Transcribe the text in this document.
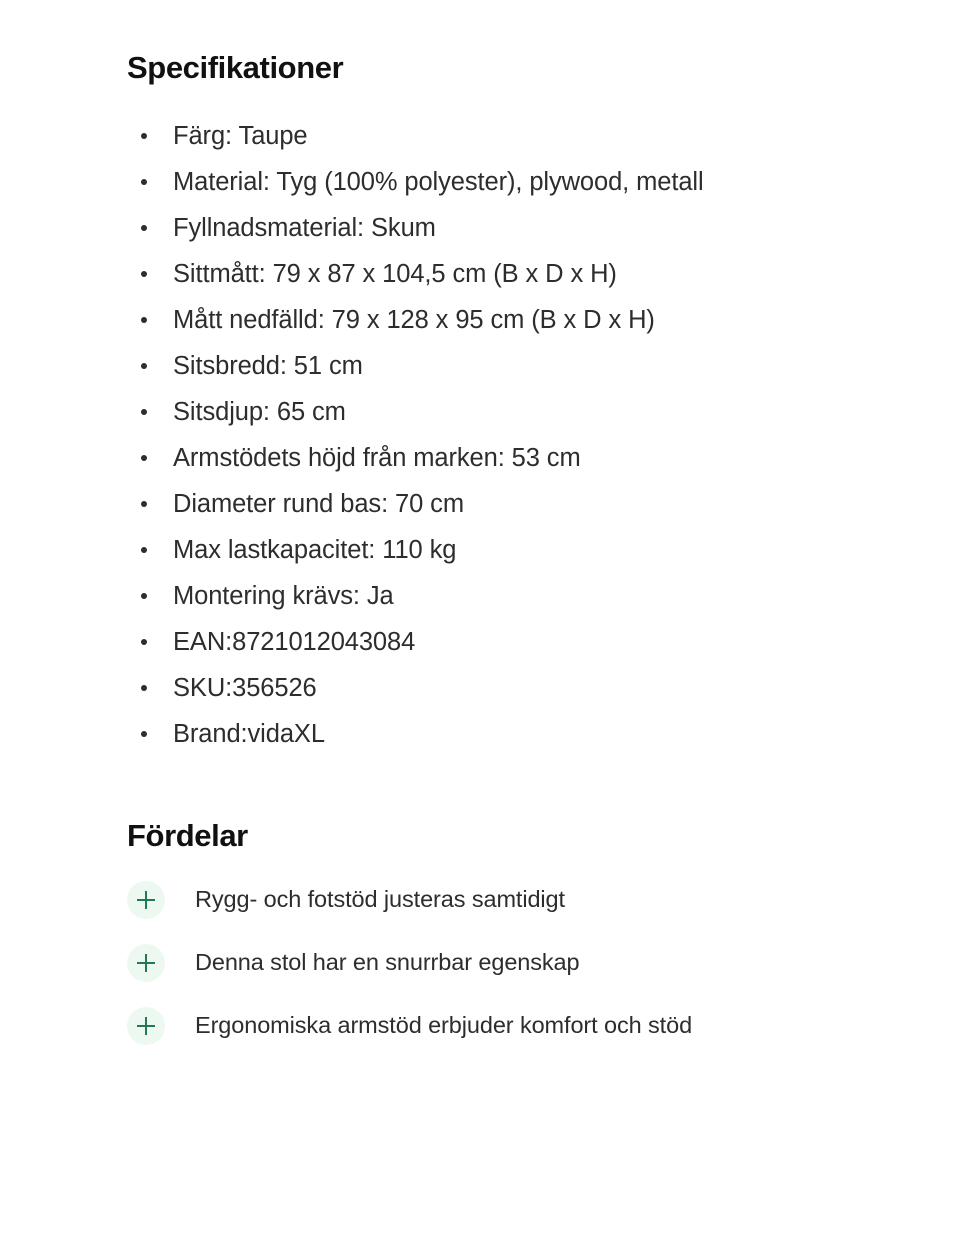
Specifikationer
Färg: Taupe
Material: Tyg (100% polyester), plywood, metall
Fyllnadsmaterial: Skum
Sittmått: 79 x 87 x 104,5 cm (B x D x H)
Mått nedfälld: 79 x 128 x 95 cm (B x D x H)
Sitsbredd: 51 cm
Sitsdjup: 65 cm
Armstödets höjd från marken: 53 cm
Diameter rund bas: 70 cm
Max lastkapacitet: 110 kg
Montering krävs: Ja
EAN:8721012043084
SKU:356526
Brand:vidaXL
Fördelar
Rygg- och fotstöd justeras samtidigt
Denna stol har en snurrbar egenskap
Ergonomiska armstöd erbjuder komfort och stöd
